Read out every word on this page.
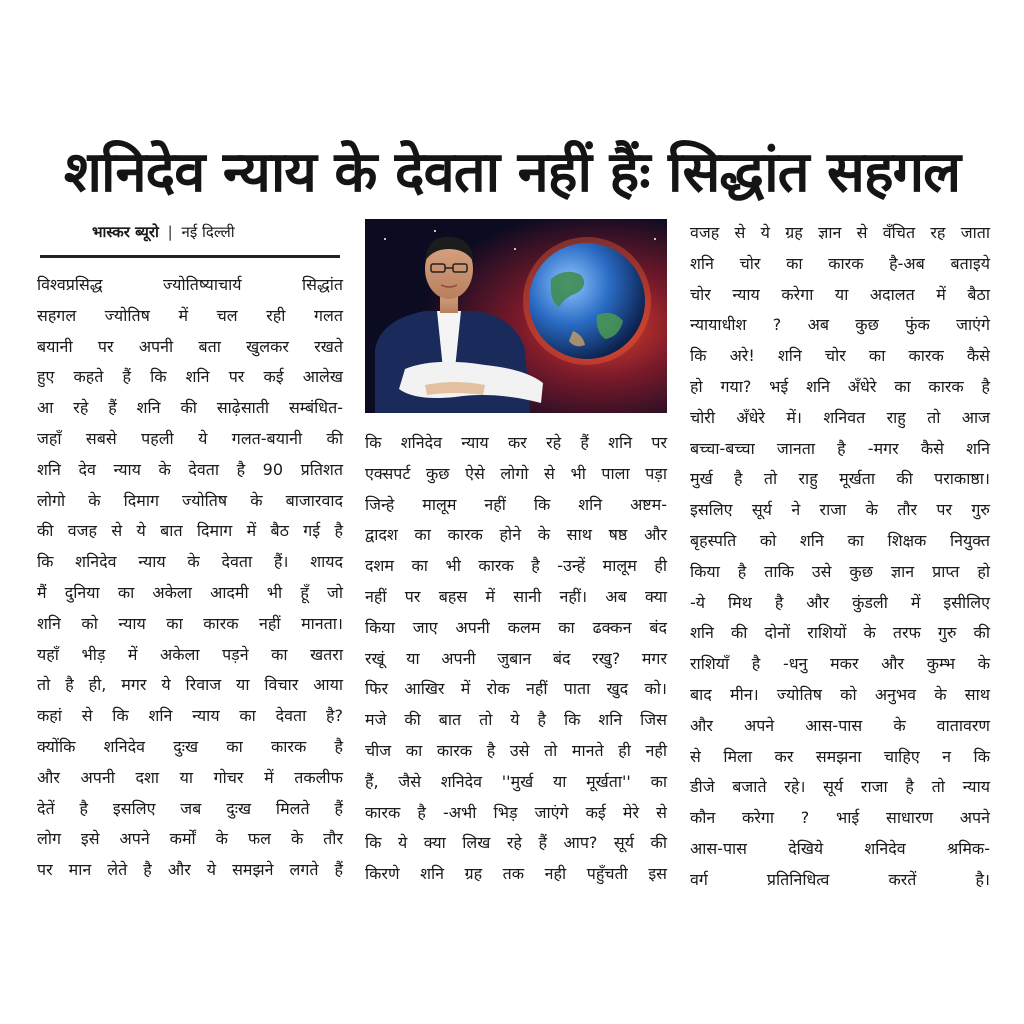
शनिदेव न्याय के देवता नहीं हैंः सिद्धांत सहगल
भास्कर ब्यूरो | नई दिल्ली

विश्वप्रसिद्ध ज्योतिष्याचार्य सिद्धांत

सहगल ज्योतिष में चल रही गलत

बयानी पर अपनी बता खुलकर रखते

हुए कहते हैं कि शनि पर कई आलेख

आ रहे हैं शनि की साढ़ेसाती सम्बंधित-

जहाँ सबसे पहली ये गलत-बयानी की

शनि देव न्याय के देवता है 90 प्रतिशत

लोगो के दिमाग ज्योतिष के बाजारवाद

की वजह से ये बात दिमाग में बैठ गई है

कि शनिदेव न्याय के देवता हैं। शायद

मैं दुनिया का अकेला आदमी भी हूँ जो

शनि को न्याय का कारक नहीं मानता।

यहाँ भीड़ में अकेला पड़ने का खतरा

तो है ही, मगर ये रिवाज या विचार आया

कहां से कि शनि न्याय का देवता है?

क्योंकि शनिदेव दुःख का कारक है

और अपनी दशा या गोचर में तकलीफ

देतें है इसलिए जब दुःख मिलते हैं

लोग इसे अपने कर्मों के फल के तौर

पर मान लेते है और ये समझने लगते हैं

कि शनिदेव न्याय कर रहे हैं शनि पर

एक्सपर्ट कुछ ऐसे लोगो से भी पाला पड़ा

जिन्हे मालूम नहीं कि शनि अष्टम-

द्वादश का कारक होने के साथ षष्ठ और

दशम का भी कारक है -उन्हें मालूम ही

नहीं पर बहस में सानी नहीं। अब क्या

किया जाए अपनी कलम का ढक्कन बंद

रखूं या अपनी जुबान बंद रखु? मगर

फिर आखिर में रोक नहीं पाता खुद को।

मजे की बात तो ये है कि शनि जिस

चीज का कारक है उसे तो मानते ही नही

हैं, जैसे शनिदेव ''मुर्ख या मूर्खता'' का

कारक है -अभी भिड़ जाएंगे कई मेरे से

कि ये क्या लिख रहे हैं आप? सूर्य की

किरणे शनि ग्रह तक नही पहुँचती इस

वजह से ये ग्रह ज्ञान से वँचित रह जाता

शनि चोर का कारक है-अब बताइये

चोर न्याय करेगा या अदालत में बैठा

न्यायाधीश ? अब कुछ फुंक जाएंगे

कि अरे! शनि चोर का कारक कैसे

हो गया? भई शनि अँधेरे का कारक है

चोरी अँधेरे में। शनिवत राहु तो आज

बच्चा-बच्चा जानता है -मगर कैसे शनि

मुर्ख है तो राहु मूर्खता की पराकाष्ठा।

इसलिए सूर्य ने राजा के तौर पर गुरु

बृहस्पति को शनि का शिक्षक नियुक्त

किया है ताकि उसे कुछ ज्ञान प्राप्त हो

-ये मिथ है और कुंडली में इसीलिए

शनि की दोनों राशियों के तरफ गुरु की

राशियाँ है -धनु मकर और कुम्भ के

बाद मीन। ज्योतिष को अनुभव के साथ

और अपने आस-पास के वातावरण

से मिला कर समझना चाहिए न कि

डीजे बजाते रहे। सूर्य राजा है तो न्याय

कौन करेगा ? भाई साधारण अपने

आस-पास देखिये शनिदेव श्रमिक-

वर्ग प्रतिनिधित्व करतें है।
